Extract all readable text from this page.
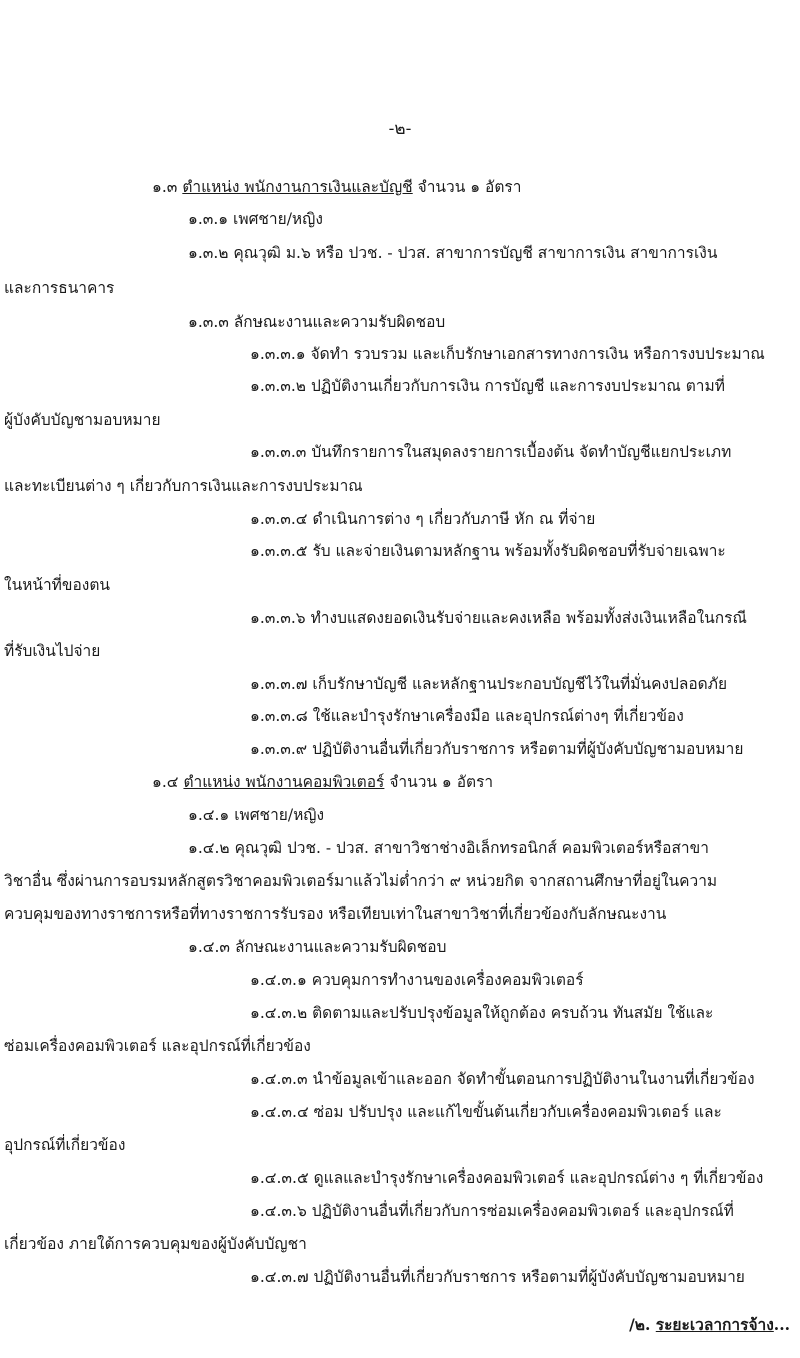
-๒-
๑.๓ ตำแหน่ง พนักงานการเงินและบัญชี จำนวน ๑ อัตรา
๑.๓.๑ เพศชาย/หญิง
๑.๓.๒ คุณวุฒิ ม.๖ หรือ ปวช. - ปวส. สาขาการบัญชี สาขาการเงิน สาขาการเงิน
และการธนาคาร
๑.๓.๓ ลักษณะงานและความรับผิดชอบ
๑.๓.๓.๑ จัดทำ รวบรวม และเก็บรักษาเอกสารทางการเงิน หรือการงบประมาณ
๑.๓.๓.๒ ปฏิบัติงานเกี่ยวกับการเงิน การบัญชี และการงบประมาณ ตามที่
ผู้บังคับบัญชามอบหมาย
๑.๓.๓.๓ บันทึกรายการในสมุดลงรายการเบื้องต้น จัดทำบัญชีแยกประเภท
และทะเบียนต่าง ๆ เกี่ยวกับการเงินและการงบประมาณ
๑.๓.๓.๔ ดำเนินการต่าง ๆ เกี่ยวกับภาษี หัก ณ ที่จ่าย
๑.๓.๓.๕ รับ และจ่ายเงินตามหลักฐาน พร้อมทั้งรับผิดชอบที่รับจ่ายเฉพาะ
ในหน้าที่ของตน
๑.๓.๓.๖ ทำงบแสดงยอดเงินรับจ่ายและคงเหลือ พร้อมทั้งส่งเงินเหลือในกรณี
ที่รับเงินไปจ่าย
๑.๓.๓.๗ เก็บรักษาบัญชี และหลักฐานประกอบบัญชีไว้ในที่มั่นคงปลอดภัย
๑.๓.๓.๘ ใช้และบำรุงรักษาเครื่องมือ และอุปกรณ์ต่างๆ ที่เกี่ยวข้อง
๑.๓.๓.๙ ปฏิบัติงานอื่นที่เกี่ยวกับราชการ หรือตามที่ผู้บังคับบัญชามอบหมาย
๑.๔ ตำแหน่ง พนักงานคอมพิวเตอร์ จำนวน ๑ อัตรา
๑.๔.๑ เพศชาย/หญิง
๑.๔.๒ คุณวุฒิ ปวช. - ปวส. สาขาวิชาช่างอิเล็กทรอนิกส์ คอมพิวเตอร์หรือสาขา
วิชาอื่น ซึ่งผ่านการอบรมหลักสูตรวิชาคอมพิวเตอร์มาแล้วไม่ต่ำกว่า ๙ หน่วยกิต จากสถานศึกษาที่อยู่ในความ
ควบคุมของทางราชการหรือที่ทางราชการรับรอง หรือเทียบเท่าในสาขาวิชาที่เกี่ยวข้องกับลักษณะงาน
๑.๔.๓ ลักษณะงานและความรับผิดชอบ
๑.๔.๓.๑ ควบคุมการทำงานของเครื่องคอมพิวเตอร์
๑.๔.๓.๒ ติดตามและปรับปรุงข้อมูลให้ถูกต้อง ครบถ้วน ทันสมัย ใช้และ
ซ่อมเครื่องคอมพิวเตอร์ และอุปกรณ์ที่เกี่ยวข้อง
๑.๔.๓.๓ นำข้อมูลเข้าและออก จัดทำขั้นตอนการปฏิบัติงานในงานที่เกี่ยวข้อง
๑.๔.๓.๔ ซ่อม ปรับปรุง และแก้ไขขั้นต้นเกี่ยวกับเครื่องคอมพิวเตอร์ และ
อุปกรณ์ที่เกี่ยวข้อง
๑.๔.๓.๕ ดูแลและบำรุงรักษาเครื่องคอมพิวเตอร์ และอุปกรณ์ต่าง ๆ ที่เกี่ยวข้อง
๑.๔.๓.๖ ปฏิบัติงานอื่นที่เกี่ยวกับการซ่อมเครื่องคอมพิวเตอร์ และอุปกรณ์ที่
เกี่ยวข้อง ภายใต้การควบคุมของผู้บังคับบัญชา
๑.๔.๓.๗ ปฏิบัติงานอื่นที่เกี่ยวกับราชการ หรือตามที่ผู้บังคับบัญชามอบหมาย
/๒. ระยะเวลาการจ้าง...
